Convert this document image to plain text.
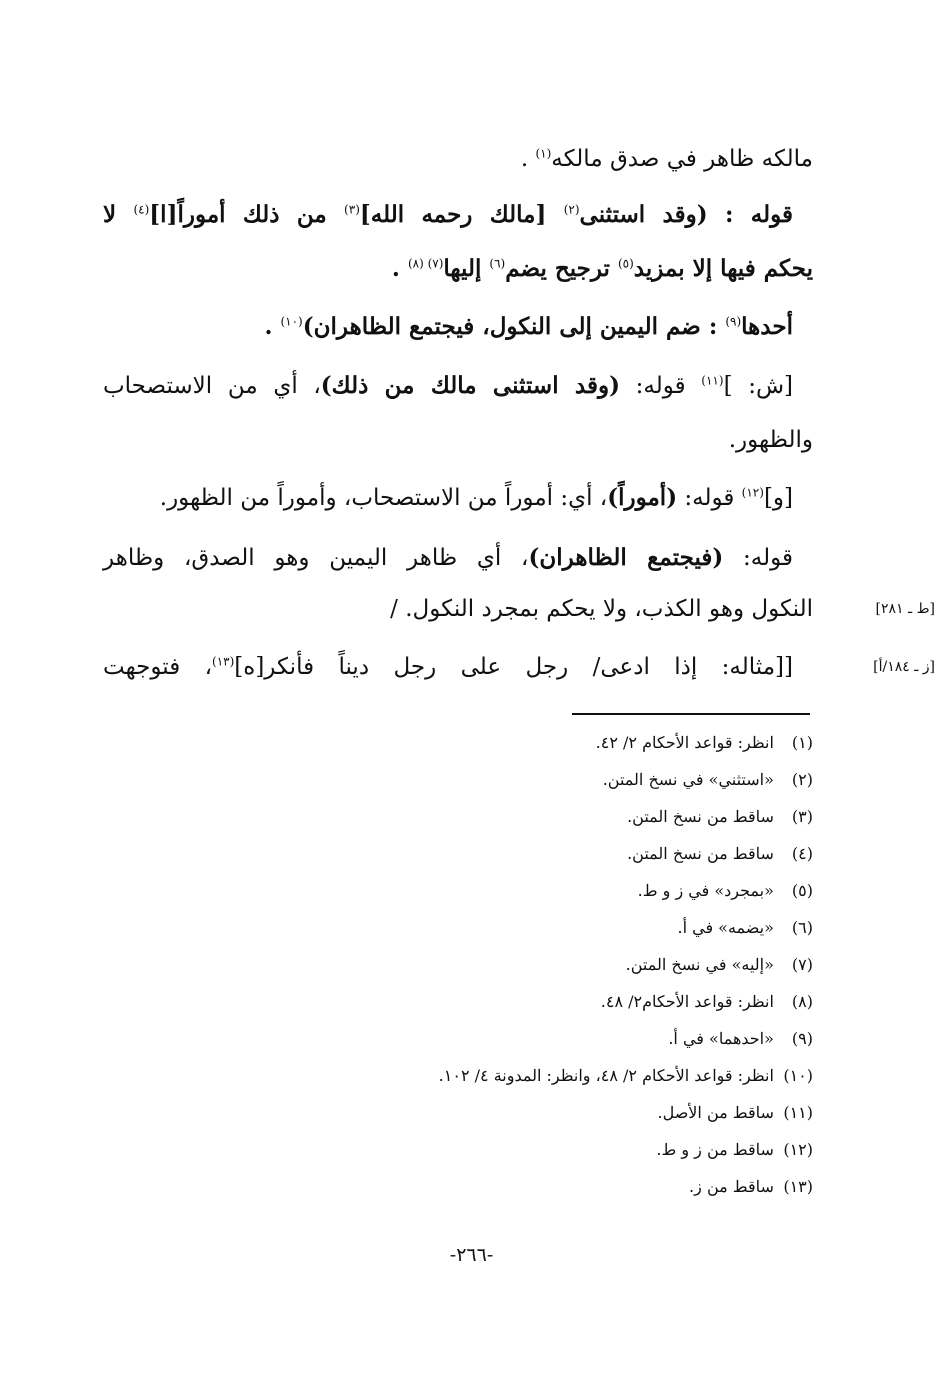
مالكه ظاهر في صدق مالكه$^{(١)}$ .
قوله : (وقد استثنى$^{(٢)}$ [مالك رحمه الله]$^{(٣)}$ من ذلك أموراً[ا]$^{(٤)}$ لا
يحكم فيها إلا بمزيد$^{(٥)}$ ترجيح يضم$^{(٦)}$ إليها$^{(٧) (٨)}$ .
أحدها$^{(٩)}$ : ضم اليمين إلى النكول، فيجتمع الظاهران)$^{(١٠)}$ .
[ش: ]$^{(١١)}$ قوله: (وقد استثنى مالك من ذلك)، أي من الاستصحاب
والظهور.
[و]$^{(١٢)}$ قوله: (أموراً)، أي: أموراً من الاستصحاب، وأموراً من الظهور.
قوله: (فيجتمع الظاهران)، أي ظاهر اليمين وهو الصدق، وظاهر
النكول وهو الكذب، ولا يحكم بمجرد النكول. /	[ط ـ ٢٨١]
[[مثاله: إذا ادعى/ رجل على رجل ديناً فأنكر[ه]$^{(١٣)}$، فتوجهت	[ز ـ ١٨٤/أ]
(١) انظر: قواعد الأحكام ٢/ ٤٢.
(٢) «استثني» في نسخ المتن.
(٣) ساقط من نسخ المتن.
(٤) ساقط من نسخ المتن.
(٥) «بمجرد» في ز و ط.
(٦) «يضمه» في أ.
(٧) «إليه» في نسخ المتن.
(٨) انظر: قواعد الأحكام٢/ ٤٨.
(٩) «احدهما» في أ.
(١٠) انظر: قواعد الأحكام ٢/ ٤٨، وانظر: المدونة ٤/ ١٠٢.
(١١) ساقط من الأصل.
(١٢) ساقط من ز و ط.
(١٣) ساقط من ز.
-٢٦٦-
